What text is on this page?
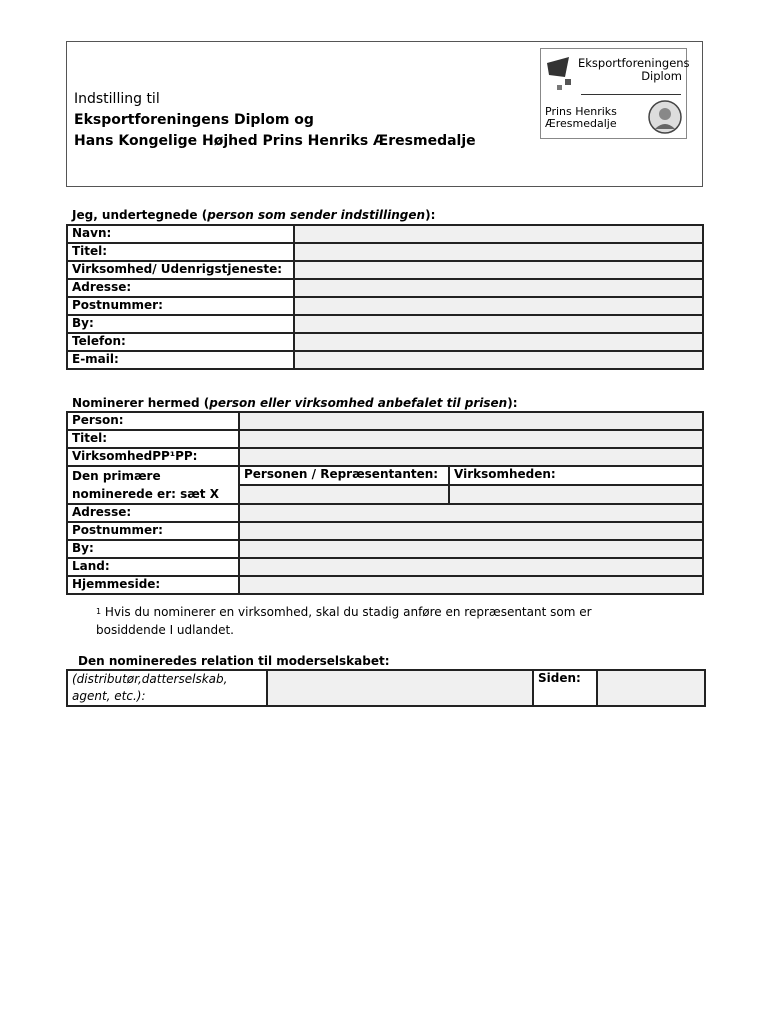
Indstilling til
Eksportforeningens Diplom og
Hans Kongelige Højhed Prins Henriks Æresmedalje
Eksportforeningens
Diplom
Prins Henriks
Æresmedalje
Jeg, undertegnede (person som sender indstillingen):
Navn:	
Titel:	
Virksomhed/ Udenrigstjeneste:	
Adresse:	
Postnummer:	
By:	
Telefon:	
E-mail:	
Nominerer hermed (person eller virksomhed anbefalet til prisen):
Person:		
Titel:		
VirksomhedPP¹PP:		
Den primære nominerede er: sæt X	Personen / Repræsentanten:	Virksomheden:

Adresse:		
Postnummer:		
By:		
Land:		
Hjemmeside:		
$^1$ Hvis du nominerer en virksomhed, skal du stadig anføre en repræsentant som er bosiddende I udlandet.
Den nomineredes relation til moderselskabet:
(distributør,datterselskab, agent, etc.):		Siden:	
